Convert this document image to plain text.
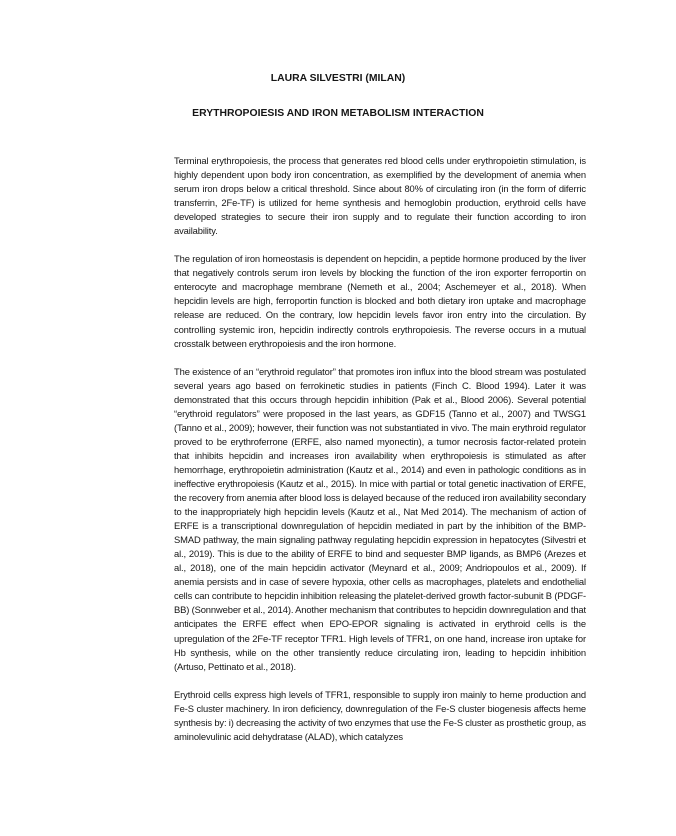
LAURA SILVESTRI (MILAN)
ERYTHROPOIESIS AND IRON METABOLISM INTERACTION

Terminal erythropoiesis, the process that generates red blood cells under erythropoietin stimulation, is highly dependent upon body iron concentration, as exemplified by the development of anemia when serum iron drops below a critical threshold. Since about 80% of circulating iron (in the form of diferric transferrin, 2Fe-TF) is utilized for heme synthesis and hemoglobin production, erythroid cells have developed strategies to secure their iron supply and to regulate their function according to iron availability.

The regulation of iron homeostasis is dependent on hepcidin, a peptide hormone produced by the liver that negatively controls serum iron levels by blocking the function of the iron exporter ferroportin on enterocyte and macrophage membrane (Nemeth et al., 2004; Aschemeyer et al., 2018). When hepcidin levels are high, ferroportin function is blocked and both dietary iron uptake and macrophage release are reduced. On the contrary, low hepcidin levels favor iron entry into the circulation. By controlling systemic iron, hepcidin indirectly controls erythropoiesis. The reverse occurs in a mutual crosstalk between erythropoiesis and the iron hormone.

The existence of an “erythroid regulator” that promotes iron influx into the blood stream was postulated several years ago based on ferrokinetic studies in patients (Finch C. Blood 1994). Later it was demonstrated that this occurs through hepcidin inhibition (Pak et al., Blood 2006). Several potential “erythroid regulators” were proposed in the last years, as GDF15 (Tanno et al., 2007) and TWSG1 (Tanno et al., 2009); however, their function was not substantiated in vivo. The main erythroid regulator proved to be erythroferrone (ERFE, also named myonectin), a tumor necrosis factor-related protein that inhibits hepcidin and increases iron availability when erythropoiesis is stimulated as after hemorrhage, erythropoietin administration (Kautz et al., 2014) and even in pathologic conditions as in ineffective erythropoiesis (Kautz et al., 2015). In mice with partial or total genetic inactivation of ERFE, the recovery from anemia after blood loss is delayed because of the reduced iron availability secondary to the inappropriately high hepcidin levels (Kautz et al., Nat Med 2014). The mechanism of action of ERFE is a transcriptional downregulation of hepcidin mediated in part by the inhibition of the BMP-SMAD pathway, the main signaling pathway regulating hepcidin expression in hepatocytes (Silvestri et al., 2019). This is due to the ability of ERFE to bind and sequester BMP ligands, as BMP6 (Arezes et al., 2018), one of the main hepcidin activator (Meynard et al., 2009; Andriopoulos et al., 2009). If anemia persists and in case of severe hypoxia, other cells as macrophages, platelets and endothelial cells can contribute to hepcidin inhibition releasing the platelet-derived growth factor-subunit B (PDGF-BB) (Sonnweber et al., 2014). Another mechanism that contributes to hepcidin downregulation and that anticipates the ERFE effect when EPO-EPOR signaling is activated in erythroid cells is the upregulation of the 2Fe-TF receptor TFR1. High levels of TFR1, on one hand, increase iron uptake for Hb synthesis, while on the other transiently reduce circulating iron, leading to hepcidin inhibition (Artuso, Pettinato et al., 2018).

Erythroid cells express high levels of TFR1, responsible to supply iron mainly to heme production and Fe-S cluster machinery. In iron deficiency, downregulation of the Fe-S cluster biogenesis affects heme synthesis by: i) decreasing the activity of two enzymes that use the Fe-S cluster as prosthetic group, as aminolevulinic acid dehydratase (ALAD), which catalyzes
